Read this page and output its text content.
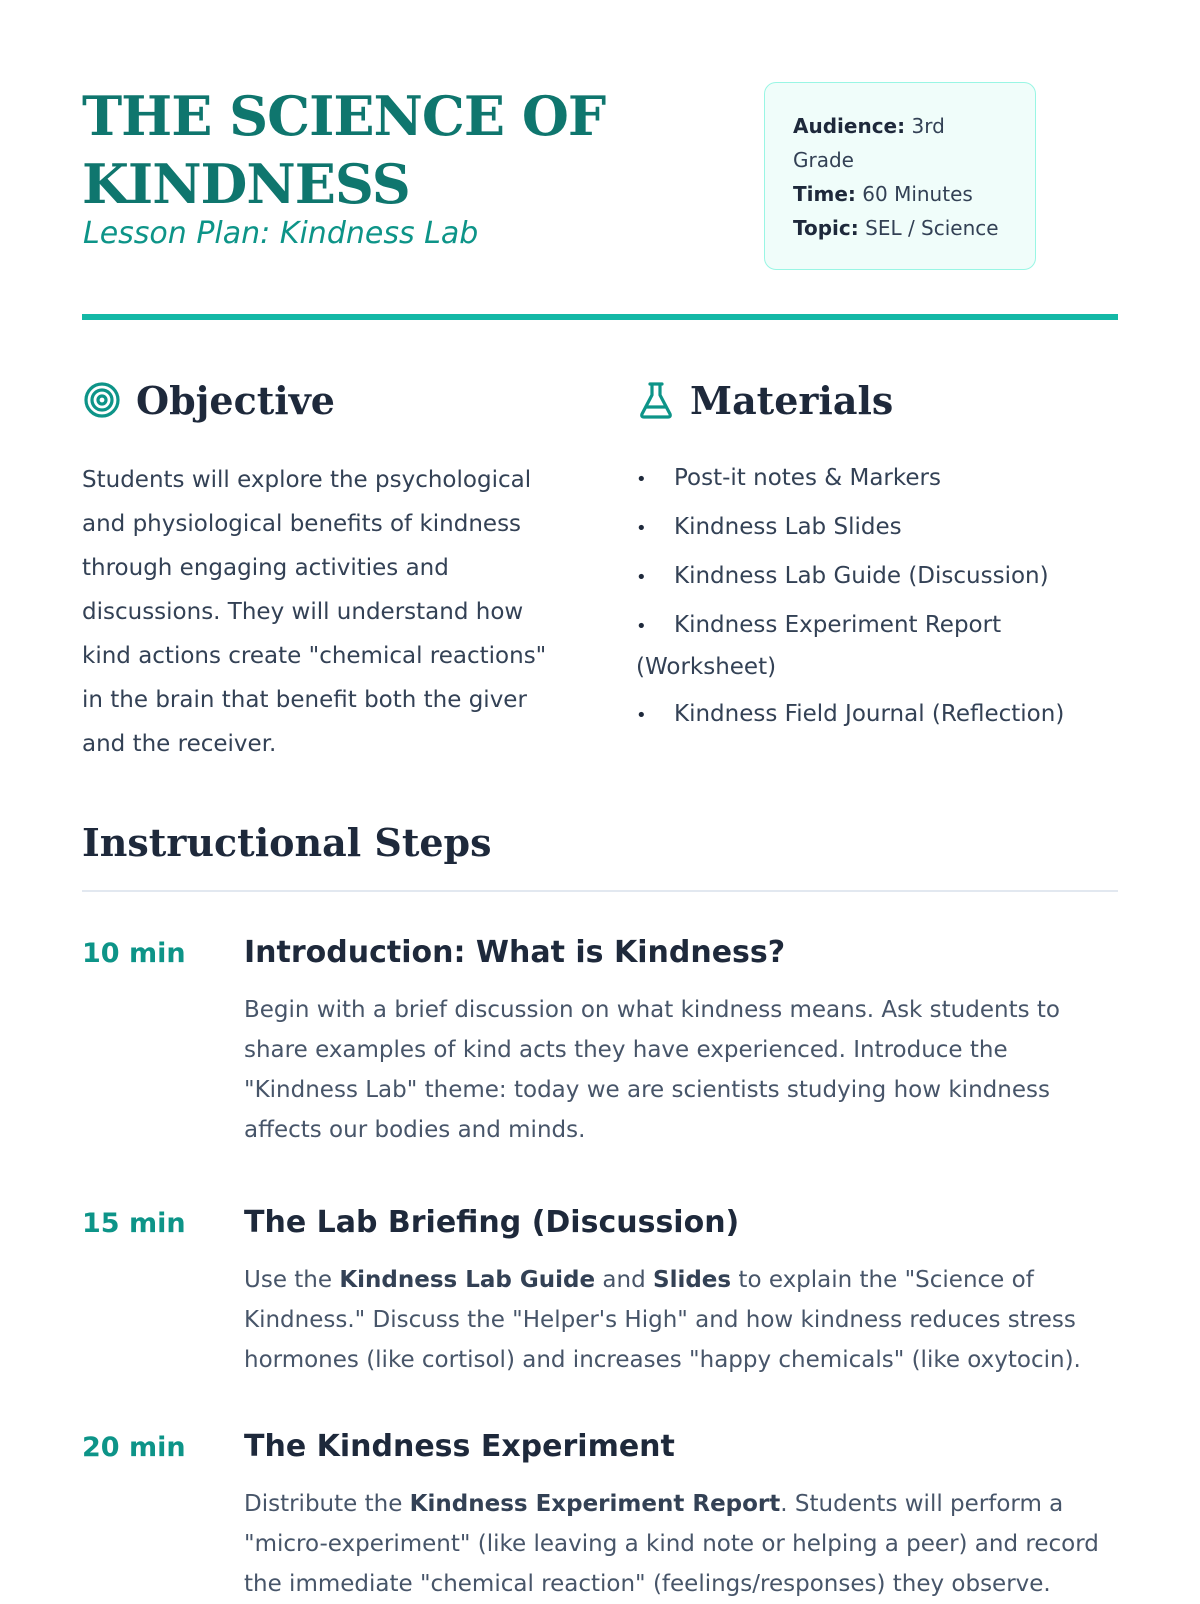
THE SCIENCE OF
KINDNESS

Lesson Plan: Kindness Lab

Audience: 3rd Grade
Time: 60 Minutes
Topic: SEL / Science
Objective

Students will explore the psychological and physiological benefits of kindness through engaging activities and discussions. They will understand how kind actions create "chemical reactions" in the brain that benefit both the giver and the receiver.

Materials
• Post-it notes & Markers
• Kindness Lab Slides
• Kindness Lab Guide (Discussion)
• Kindness Experiment Report (Worksheet)
• Kindness Field Journal (Reflection)
Instructional Steps
10 min Introduction: What is Kindness?

Begin with a brief discussion on what kindness means. Ask students to share examples of kind acts they have experienced. Introduce the "Kindness Lab" theme: today we are scientists studying how kindness affects our bodies and minds.

15 min The Lab Briefing (Discussion)

Use the Kindness Lab Guide and Slides to explain the "Science of Kindness." Discuss the "Helper's High" and how kindness reduces stress hormones (like cortisol) and increases "happy chemicals" (like oxytocin).

20 min The Kindness Experiment

Distribute the Kindness Experiment Report. Students will perform a "micro-experiment" (like leaving a kind note or helping a peer) and record the immediate "chemical reaction" (feelings/responses) they observe.
